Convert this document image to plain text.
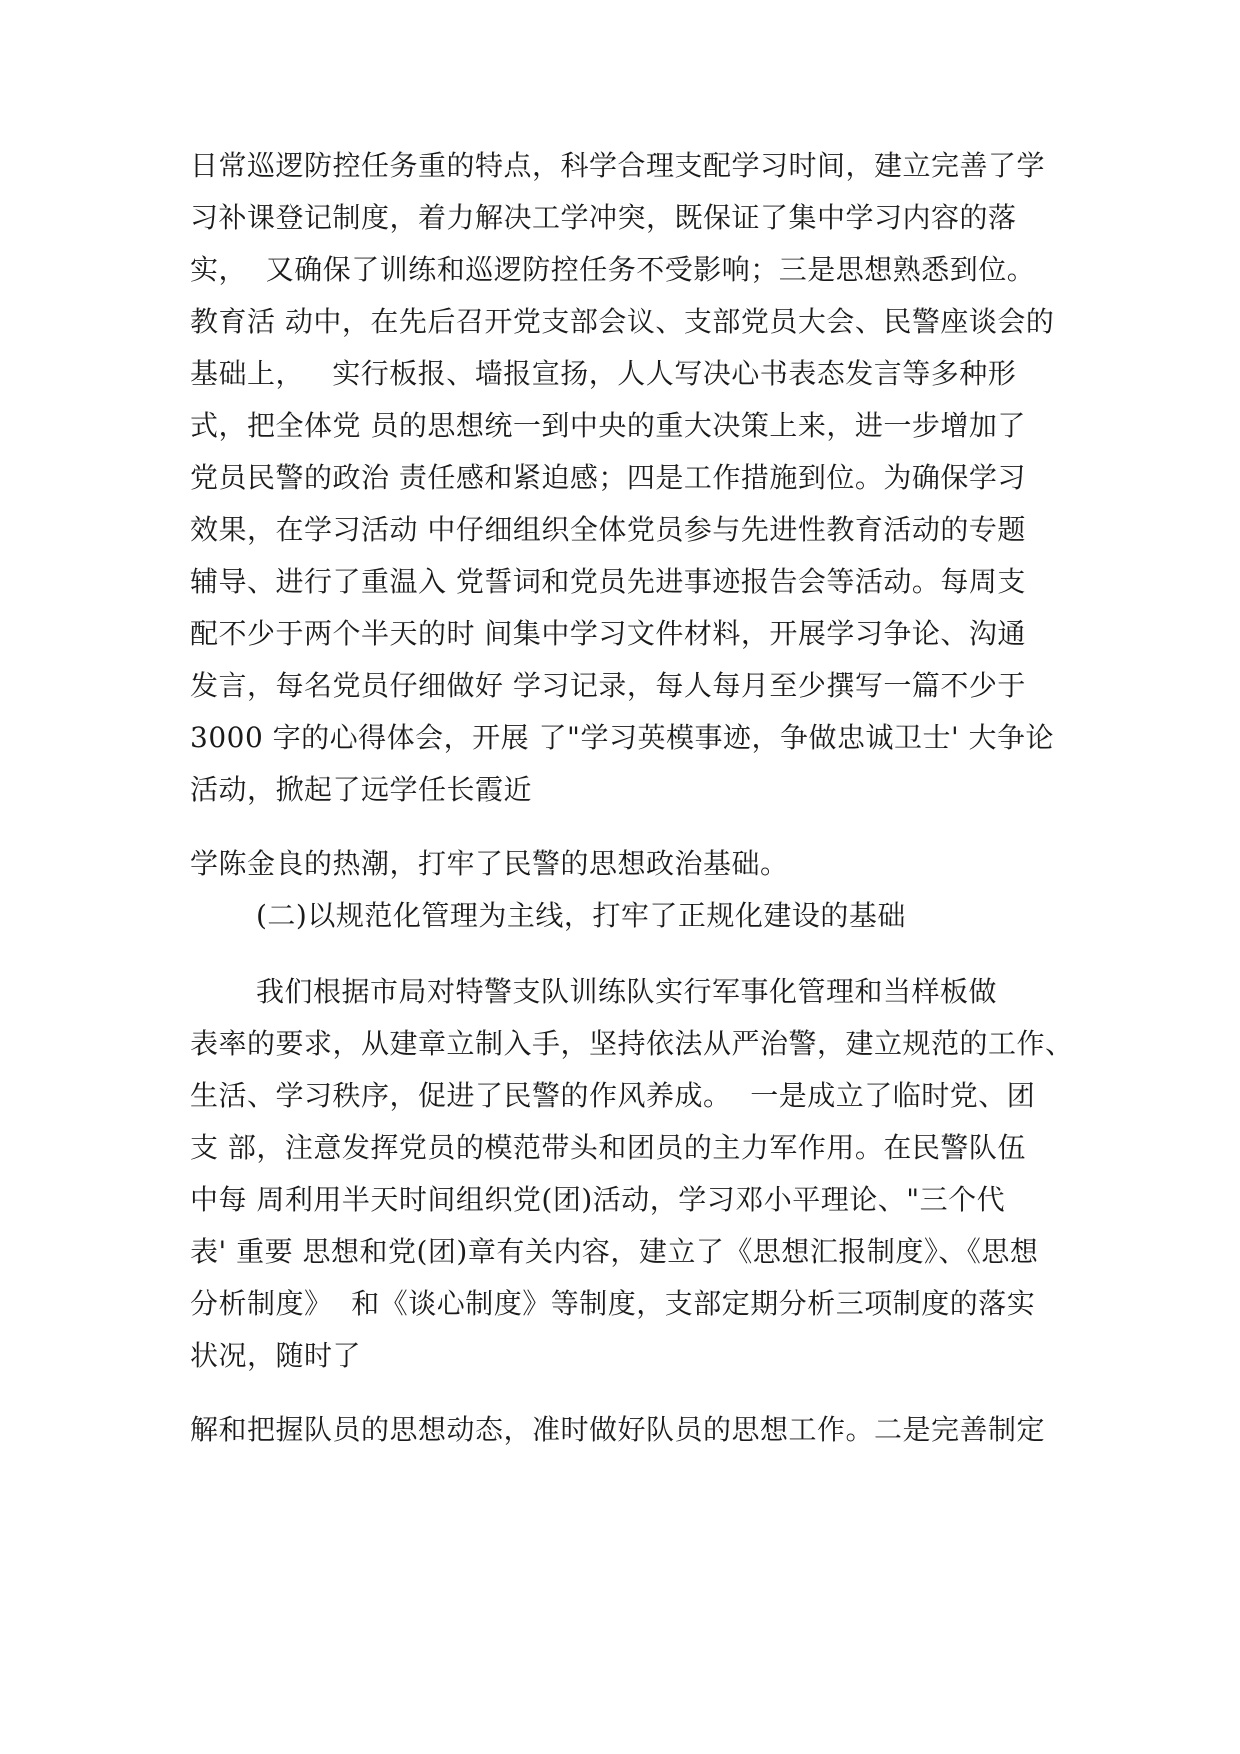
日常巡逻防控任务重的特点，科学合理支配学习时间，建立完善了学
习补课登记制度，着力解决工学冲突，既保证了集中学习内容的落
实，  又确保了训练和巡逻防控任务不受影响；三是思想熟悉到位。
教育活 动中，在先后召开党支部会议、支部党员大会、民警座谈会的
基础上，   实行板报、墙报宣扬，人人写决心书表态发言等多种形
式，把全体党 员的思想统一到中央的重大决策上来，进一步增加了
党员民警的政治 责任感和紧迫感；四是工作措施到位。为确保学习
效果，在学习活动 中仔细组织全体党员参与先进性教育活动的专题
辅导、进行了重温入 党誓词和党员先进事迹报告会等活动。每周支
配不少于两个半天的时 间集中学习文件材料，开展学习争论、沟通
发言，每名党员仔细做好 学习记录，每人每月至少撰写一篇不少于
3000 字的心得体会，开展 了"学习英模事迹，争做忠诚卫士' 大争论
活动，掀起了远学任长霞近
学陈金良的热潮，打牢了民警的思想政治基础。
(二)以规范化管理为主线，打牢了正规化建设的基础
我们根据市局对特警支队训练队实行军事化管理和当样板做
表率的要求，从建章立制入手，坚持依法从严治警，建立规范的工作、
生活、学习秩序，促进了民警的作风养成。  一是成立了临时党、团
支 部，注意发挥党员的模范带头和团员的主力军作用。在民警队伍
中每 周利用半天时间组织党(团)活动，学习邓小平理论、"三个代
表' 重要 思想和党(团)章有关内容，建立了《思想汇报制度》、《思想
分析制度》  和《谈心制度》等制度，支部定期分析三项制度的落实
状况，随时了
解和把握队员的思想动态，准时做好队员的思想工作。二是完善制定
